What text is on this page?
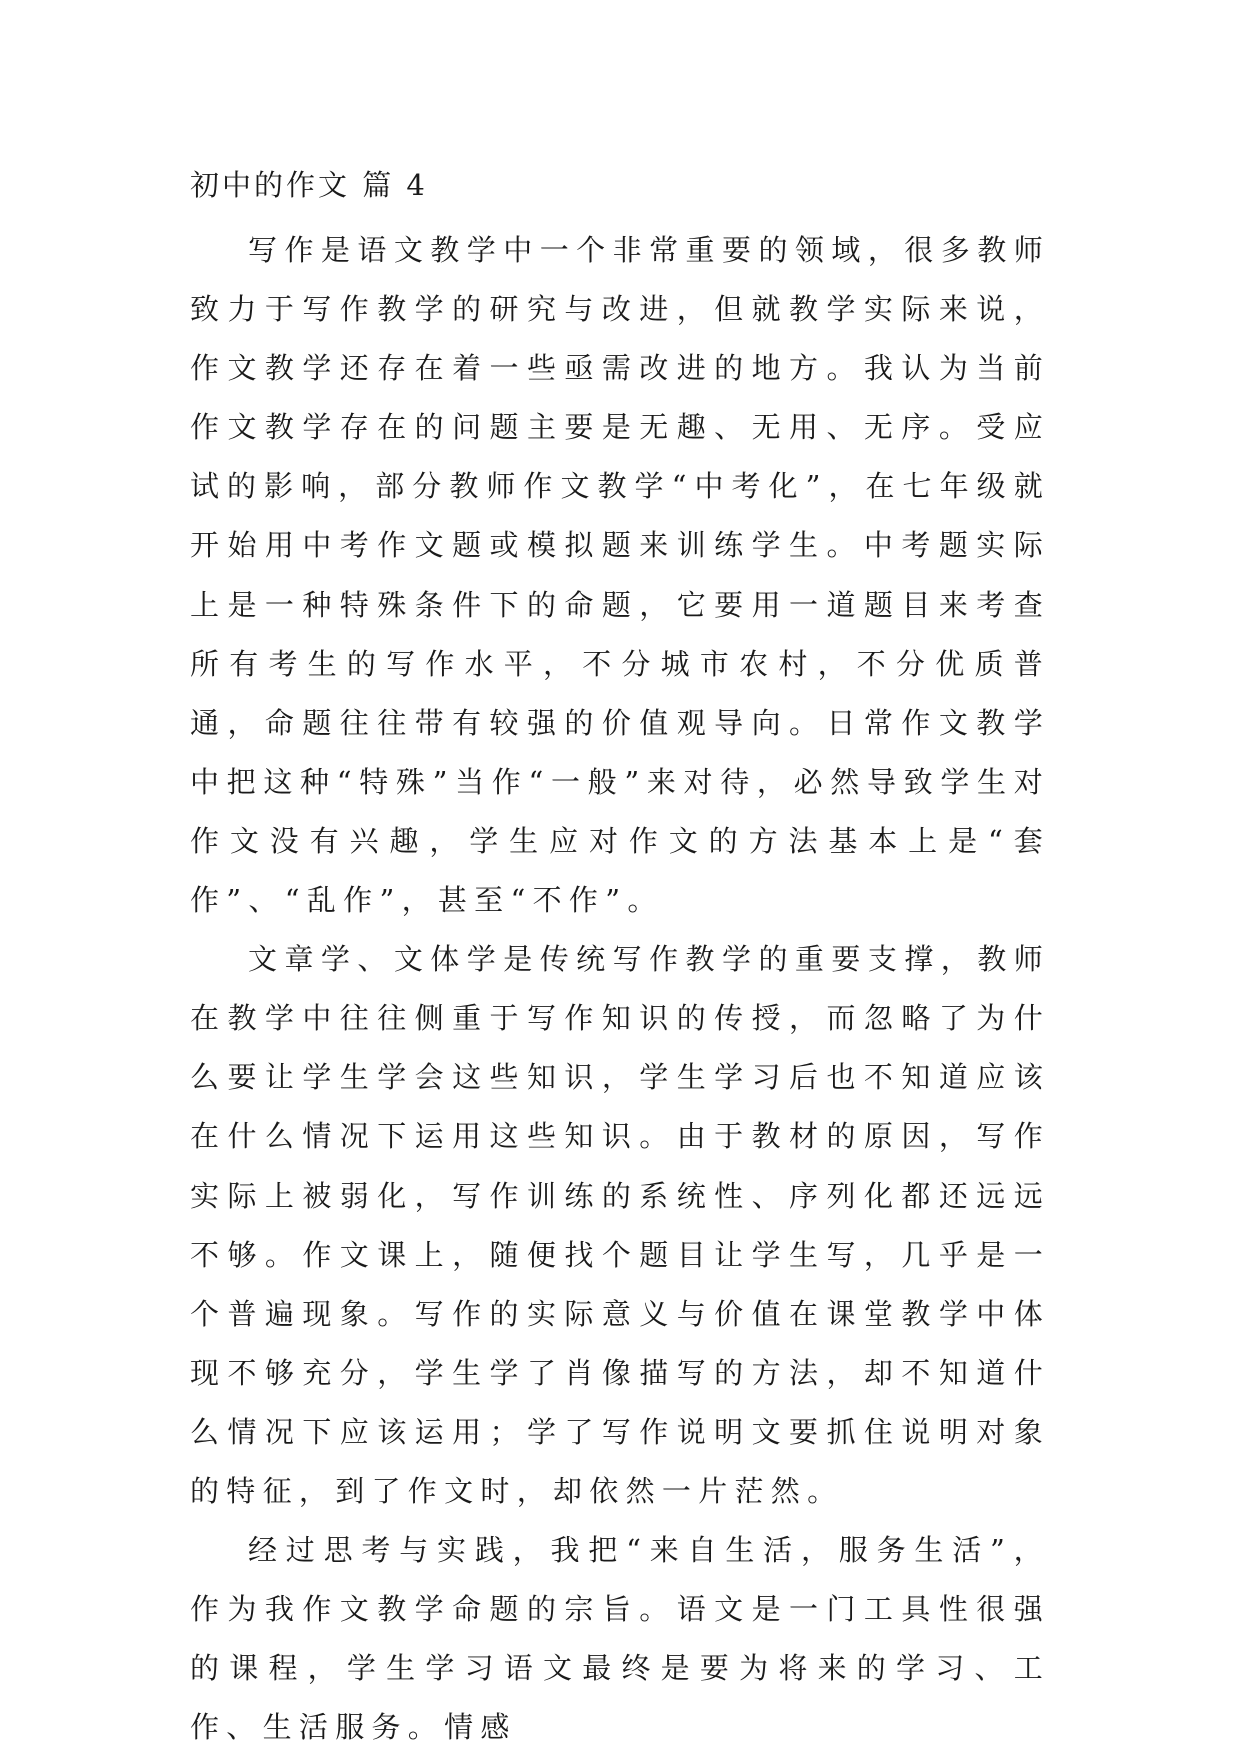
初中的作文 篇 4

写作是语文教学中一个非常重要的领域，很多教师致力于写作教学的研究与改进，但就教学实际来说，作文教学还存在着一些亟需改进的地方。我认为当前作文教学存在的问题主要是无趣、无用、无序。受应试的影响，部分教师作文教学“中考化”，在七年级就开始用中考作文题或模拟题来训练学生。中考题实际上是一种特殊条件下的命题，它要用一道题目来考查所有考生的写作水平，不分城市农村，不分优质普通，命题往往带有较强的价值观导向。日常作文教学中把这种“特殊”当作“一般”来对待，必然导致学生对作文没有兴趣，学生应对作文的方法基本上是“套作”、“乱作”，甚至“不作”。

文章学、文体学是传统写作教学的重要支撑，教师在教学中往往侧重于写作知识的传授，而忽略了为什么要让学生学会这些知识，学生学习后也不知道应该在什么情况下运用这些知识。由于教材的原因，写作实际上被弱化，写作训练的系统性、序列化都还远远不够。作文课上，随便找个题目让学生写，几乎是一个普遍现象。写作的实际意义与价值在课堂教学中体现不够充分，学生学了肖像描写的方法，却不知道什么情况下应该运用；学了写作说明文要抓住说明对象的特征，到了作文时，却依然一片茫然。

经过思考与实践，我把“来自生活，服务生活”，作为我作文教学命题的宗旨。语文是一门工具性很强的课程，学生学习语文最终是要为将来的学习、工作、生活服务。情感
